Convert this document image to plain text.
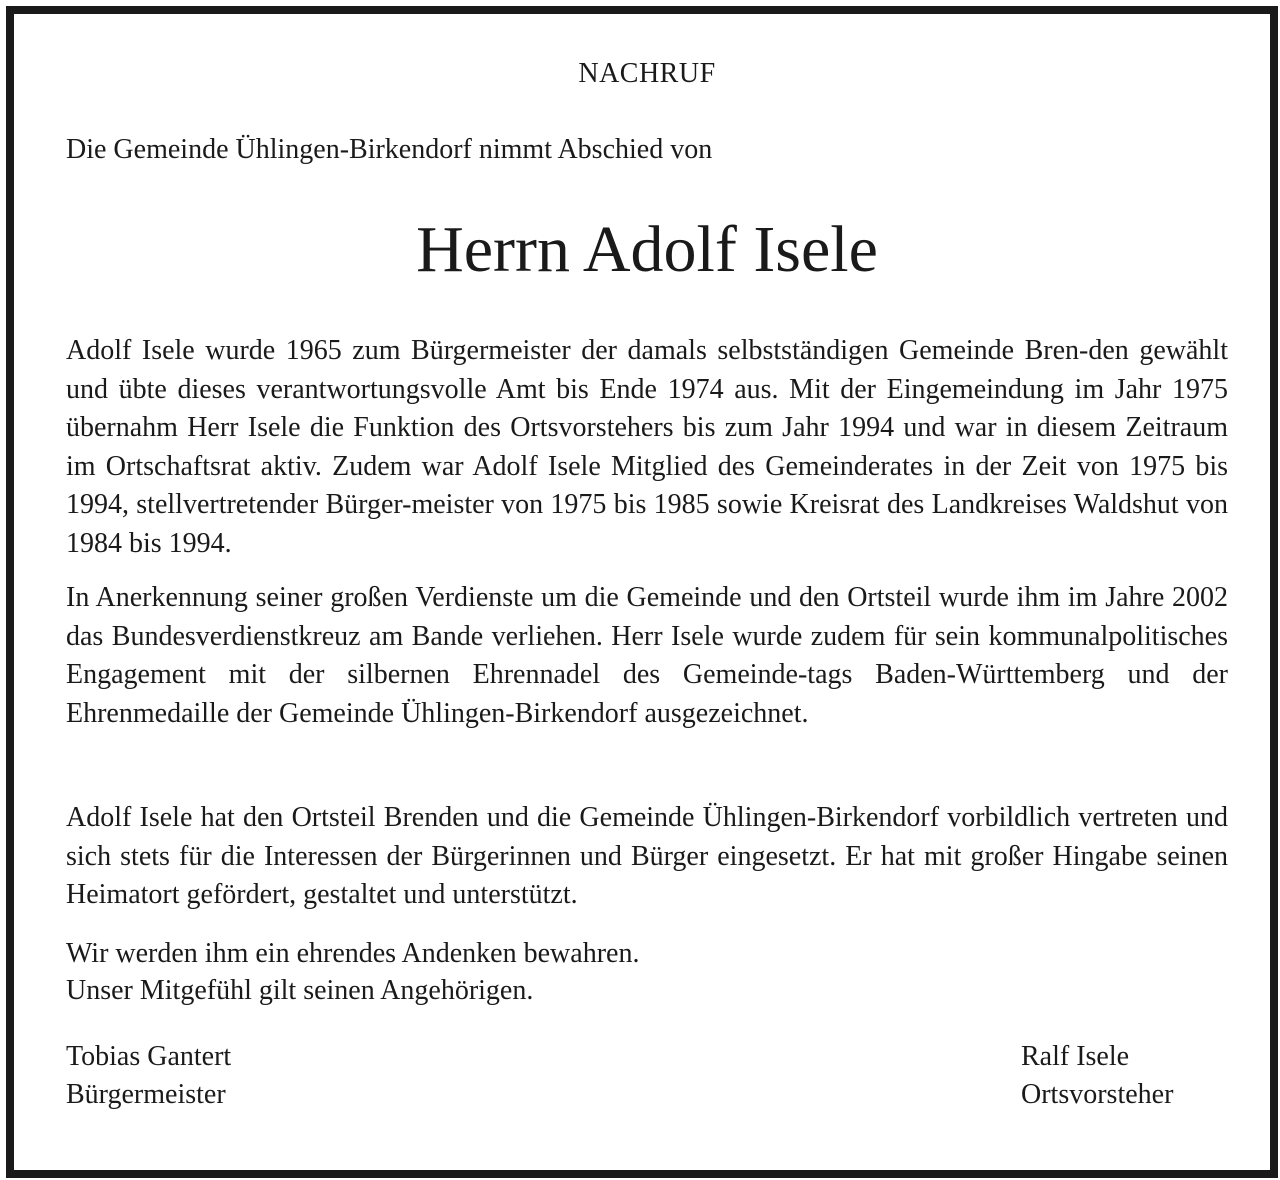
NACHRUF
Die Gemeinde Ühlingen-Birkendorf nimmt Abschied von
Herrn Adolf Isele

Adolf Isele wurde 1965 zum Bürgermeister der damals selbstständigen Gemeinde Bren-den gewählt und übte dieses verantwortungsvolle Amt bis Ende 1974 aus. Mit der Eingemeindung im Jahr 1975 übernahm Herr Isele die Funktion des Ortsvorstehers bis zum Jahr 1994 und war in diesem Zeitraum im Ortschaftsrat aktiv. Zudem war Adolf Isele Mitglied des Gemeinderates in der Zeit von 1975 bis 1994, stellvertretender Bürger-meister von 1975 bis 1985 sowie Kreisrat des Landkreises Waldshut von 1984 bis 1994.

In Anerkennung seiner großen Verdienste um die Gemeinde und den Ortsteil wurde ihm im Jahre 2002 das Bundesverdienstkreuz am Bande verliehen. Herr Isele wurde zudem für sein kommunalpolitisches Engagement mit der silbernen Ehrennadel des Gemeinde-tags Baden-Württemberg und der Ehrenmedaille der Gemeinde Ühlingen-Birkendorf ausgezeichnet.

Adolf Isele hat den Ortsteil Brenden und die Gemeinde Ühlingen-Birkendorf vorbildlich vertreten und sich stets für die Interessen der Bürgerinnen und Bürger eingesetzt. Er hat mit großer Hingabe seinen Heimatort gefördert, gestaltet und unterstützt.

Wir werden ihm ein ehrendes Andenken bewahren.
Unser Mitgefühl gilt seinen Angehörigen.
Tobias Gantert
Bürgermeister
Ralf Isele
Ortsvorsteher
